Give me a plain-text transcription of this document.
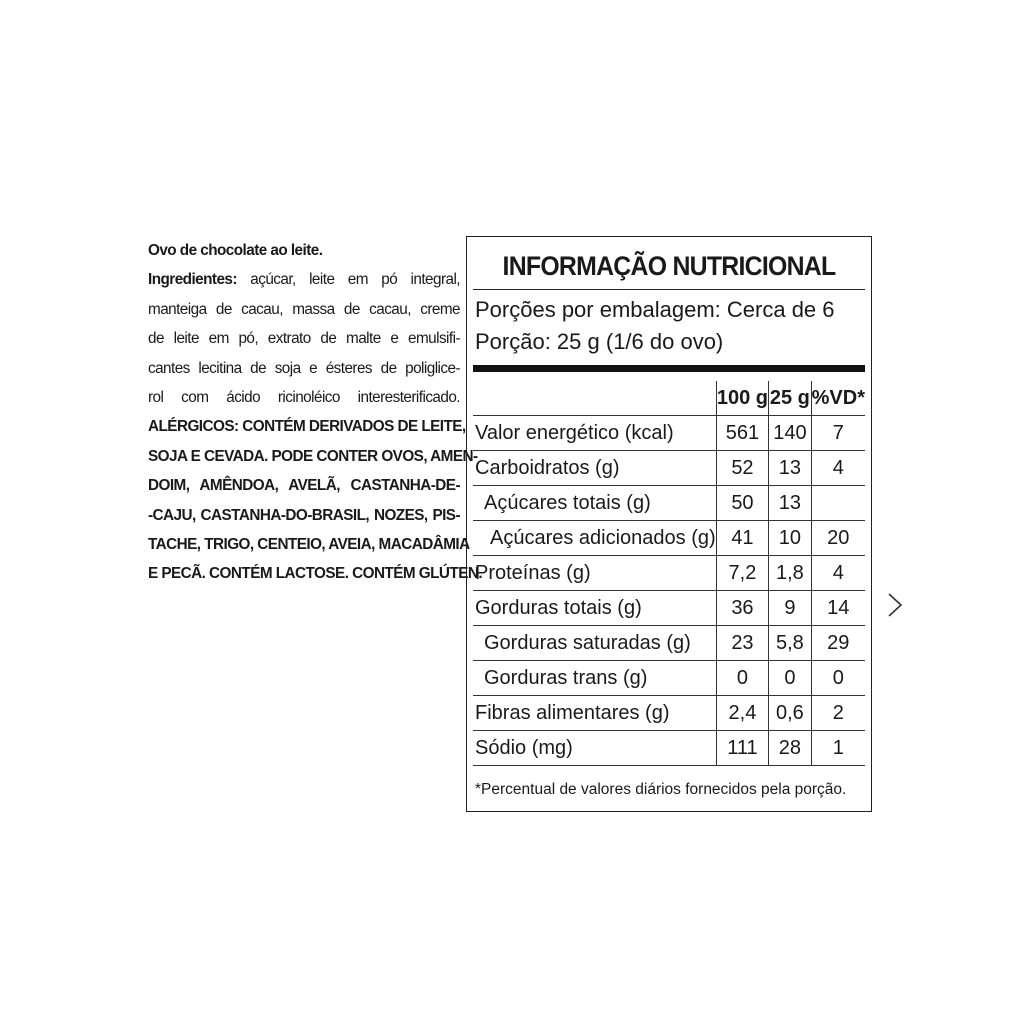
Ovo de chocolate ao leite.
Ingredientes: açúcar, leite em pó integral,
manteiga de cacau, massa de cacau, creme
de leite em pó, extrato de malte e emulsifi-
cantes lecitina de soja e ésteres de poliglice-
rol com ácido ricinoléico interesterificado.
ALÉRGICOS: CONTÉM DERIVADOS DE LEITE,
SOJA E CEVADA. PODE CONTER OVOS, AMEN-
DOIM, AMÊNDOA, AVELÃ, CASTANHA-DE-
-CAJU, CASTANHA-DO-BRASIL, NOZES, PIS-
TACHE, TRIGO, CENTEIO, AVEIA, MACADÂMIA
E PECÃ. CONTÉM LACTOSE. CONTÉM GLÚTEN.
INFORMAÇÃO NUTRICIONAL
Porções por embalagem: Cerca de 6
Porção: 25 g (1/6 do ovo)
	100 g	25 g	%VD*
Valor energético (kcal)	561	140	7
Carboidratos (g)	52	13	4
Açúcares totais (g)	50	13	
Açúcares adicionados (g)	41	10	20
Proteínas (g)	7,2	1,8	4
Gorduras totais (g)	36	9	14
Gorduras saturadas (g)	23	5,8	29
Gorduras trans (g)	0	0	0
Fibras alimentares (g)	2,4	0,6	2
Sódio (mg)	111	28	1
*Percentual de valores diários fornecidos pela porção.
